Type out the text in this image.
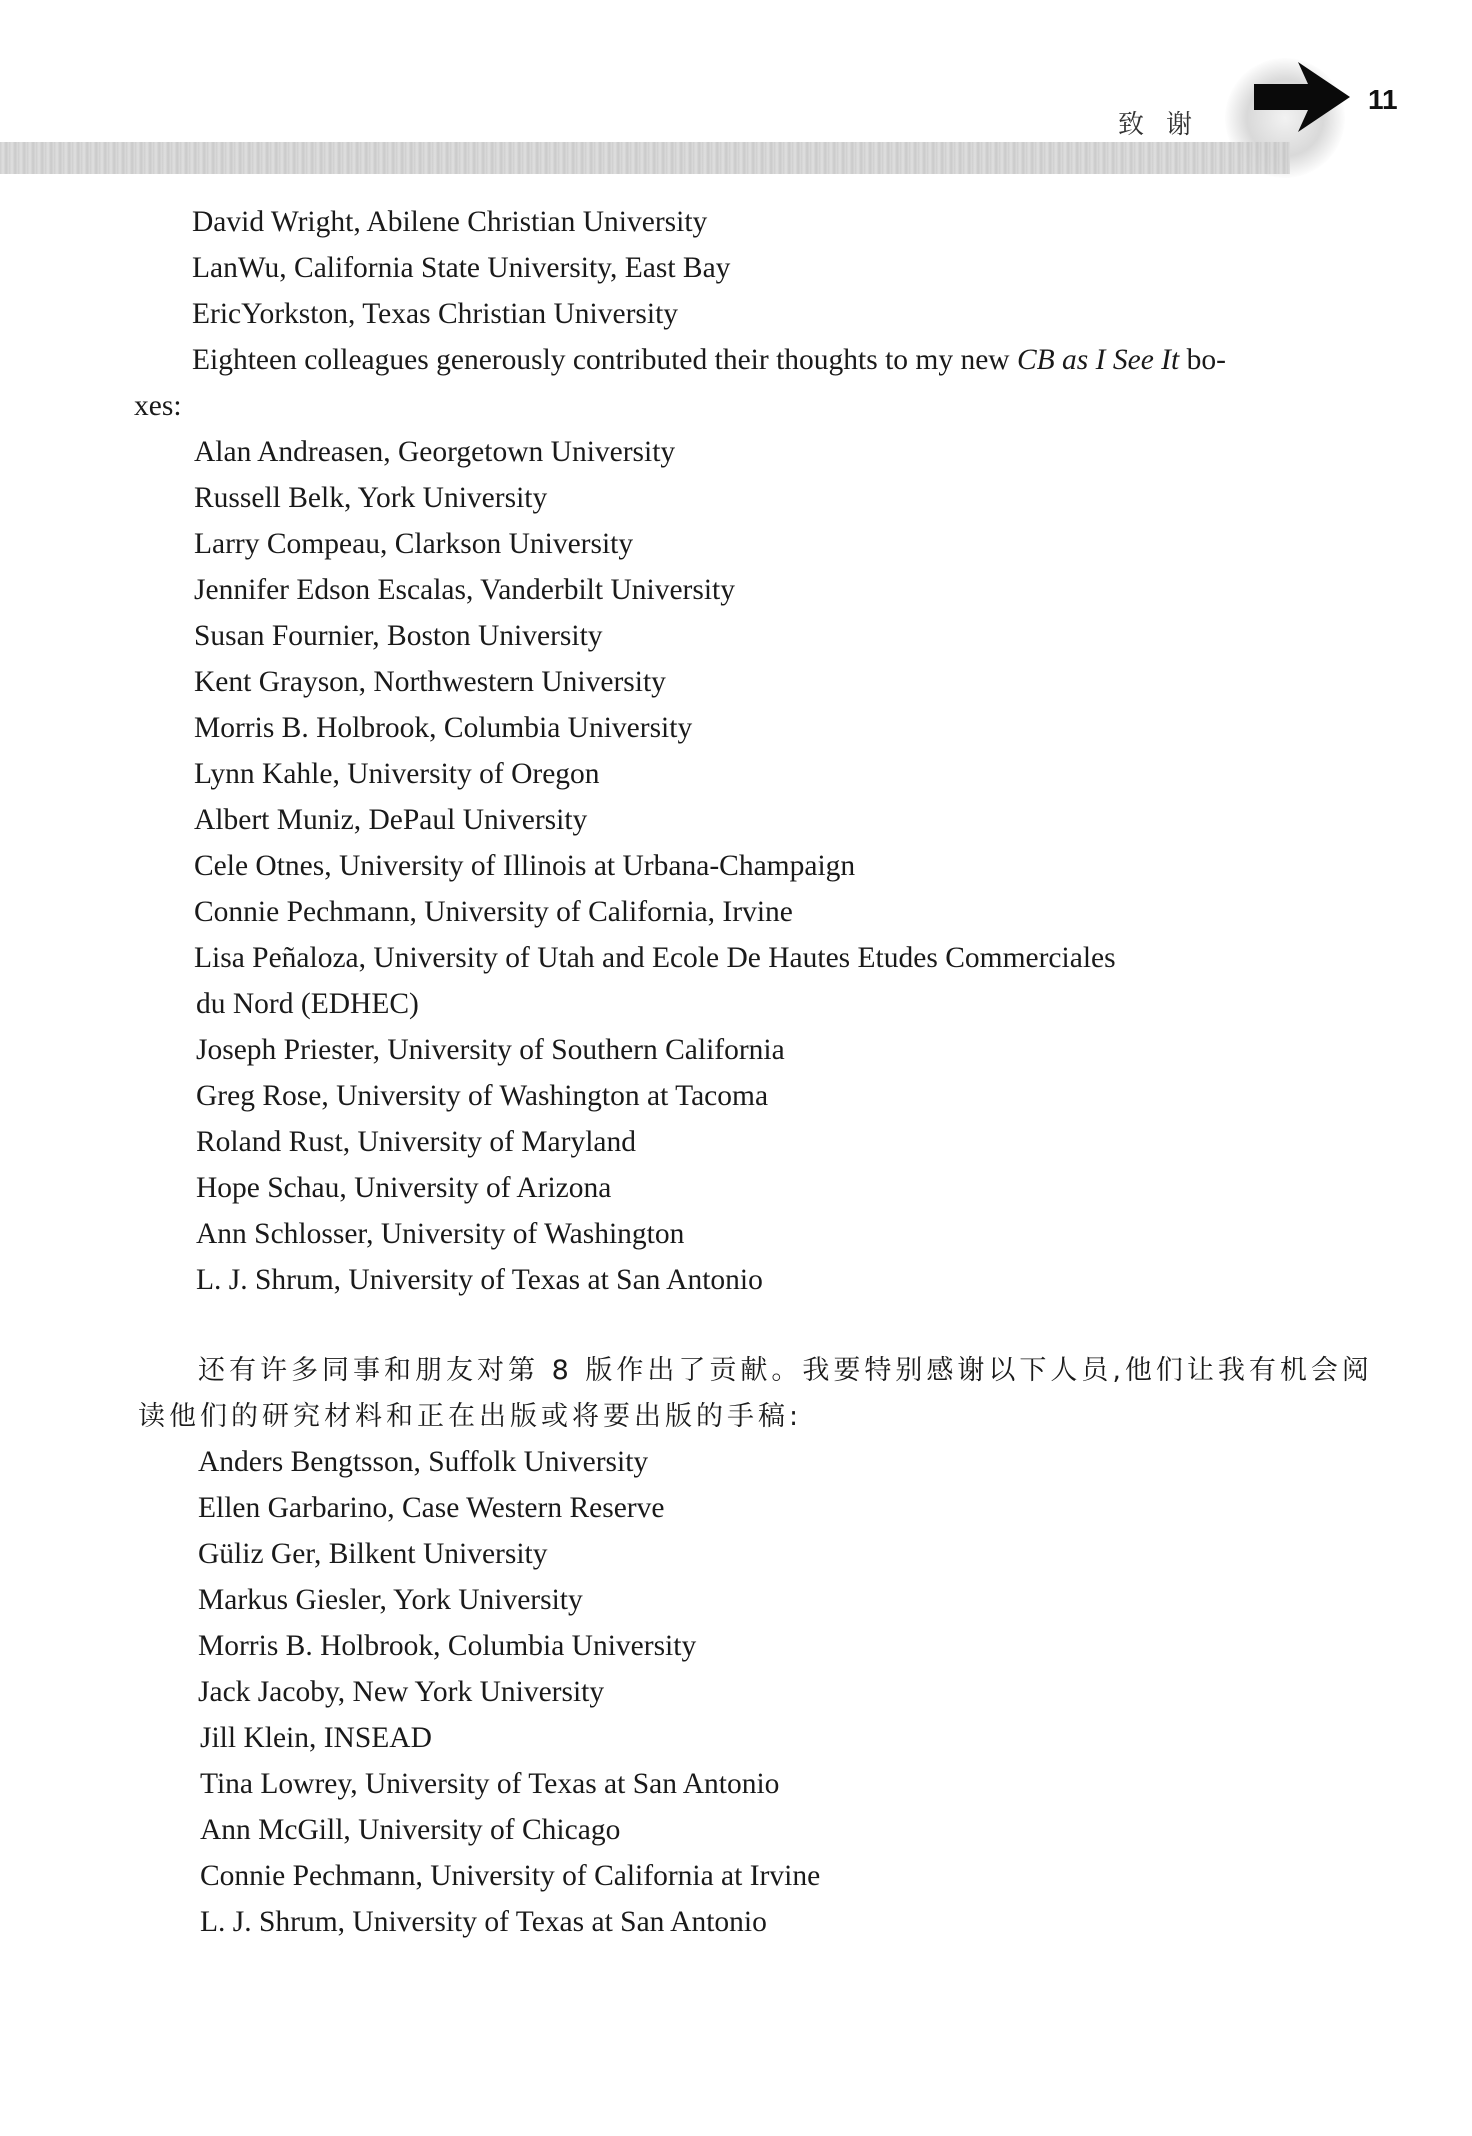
致谢
11
David Wright, Abilene Christian University
LanWu, California State University, East Bay
EricYorkston, Texas Christian University
Eighteen colleagues generously contributed their thoughts to my new CB as I See It bo-
xes:
Alan Andreasen, Georgetown University
Russell Belk, York University
Larry Compeau, Clarkson University
Jennifer Edson Escalas, Vanderbilt University
Susan Fournier, Boston University
Kent Grayson, Northwestern University
Morris B. Holbrook, Columbia University
Lynn Kahle, University of Oregon
Albert Muniz, DePaul University
Cele Otnes, University of Illinois at Urbana-Champaign
Connie Pechmann, University of California, Irvine
Lisa Peñaloza, University of Utah and Ecole De Hautes Etudes Commerciales
du Nord (EDHEC)
Joseph Priester, University of Southern California
Greg Rose, University of Washington at Tacoma
Roland Rust, University of Maryland
Hope Schau, University of Arizona
Ann Schlosser, University of Washington
L. J. Shrum, University of Texas at San Antonio
还有许多同事和朋友对第 8 版作出了贡献。我要特别感谢以下人员,他们让我有机会阅
读他们的研究材料和正在出版或将要出版的手稿:
Anders Bengtsson, Suffolk University
Ellen Garbarino, Case Western Reserve
Güliz Ger, Bilkent University
Markus Giesler, York University
Morris B. Holbrook, Columbia University
Jack Jacoby, New York University
Jill Klein, INSEAD
Tina Lowrey, University of Texas at San Antonio
Ann McGill, University of Chicago
Connie Pechmann, University of California at Irvine
L. J. Shrum, University of Texas at San Antonio
